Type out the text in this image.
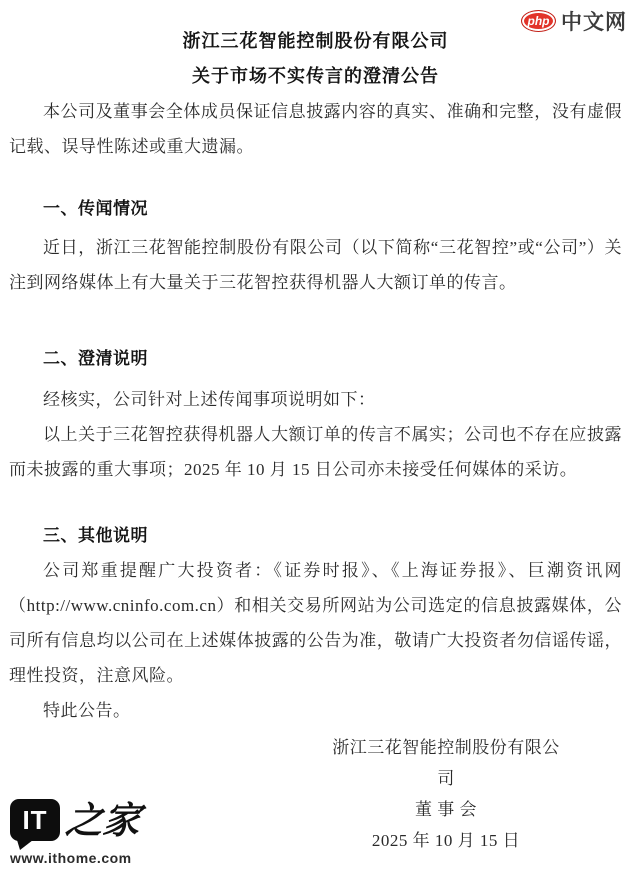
php 中文网
浙江三花智能控制股份有限公司
关于市场不实传言的澄清公告

本公司及董事会全体成员保证信息披露内容的真实、准确和完整，没有虚假记载、误导性陈述或重大遗漏。

一、传闻情况

近日，浙江三花智能控制股份有限公司（以下简称“三花智控”或“公司”）关注到网络媒体上有大量关于三花智控获得机器人大额订单的传言。

二、澄清说明

经核实，公司针对上述传闻事项说明如下：

以上关于三花智控获得机器人大额订单的传言不属实；公司也不存在应披露而未披露的重大事项；2025 年 10 月 15 日公司亦未接受任何媒体的采访。

三、其他说明

公司郑重提醒广大投资者：《证券时报》、《上海证券报》、巨潮资讯网（http://www.cninfo.com.cn）和相关交易所网站为公司选定的信息披露媒体，公司所有信息均以公司在上述媒体披露的公告为准，敬请广大投资者勿信谣传谣，理性投资，注意风险。

特此公告。

浙江三花智能控制股份有限公司
董 事 会
2025 年 10 月 15 日
IT 之家
www.ithome.com
